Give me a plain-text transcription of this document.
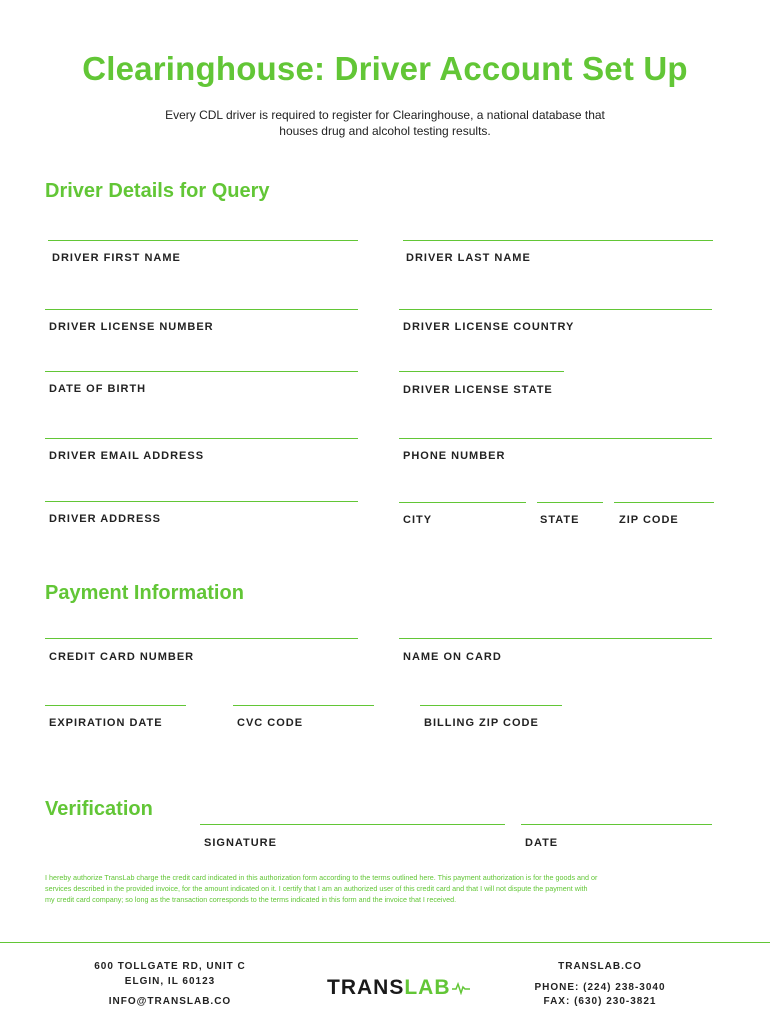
Clearinghouse: Driver Account Set Up
Every CDL driver is required to register for Clearinghouse, a national database that
houses drug and alcohol testing results.
Driver Details for Query
DRIVER FIRST NAME	DRIVER LAST NAME
DRIVER LICENSE NUMBER	DRIVER LICENSE COUNTRY
DATE OF BIRTH	DRIVER LICENSE STATE
DRIVER EMAIL ADDRESS	PHONE NUMBER
DRIVER ADDRESS	CITY	STATE	ZIP CODE
Payment Information
CREDIT CARD NUMBER	NAME ON CARD
EXPIRATION DATE	CVC CODE	BILLING ZIP CODE
Verification
SIGNATURE	DATE
I hereby authorize TransLab charge the credit card indicated in this authorization form according to the terms outlined here. This payment authorization is for the goods and or
services described in the provided invoice, for the amount indicated on it. I certify that I am an authorized user of this credit card and that I will not dispute the payment with
my credit card company; so long as the transaction corresponds to the terms indicated in this form and the invoice that I received.
600 TOLLGATE RD, UNIT C
ELGIN, IL 60123
INFO@TRANSLAB.CO
TRANSLAB
TRANSLAB.CO
PHONE: (224) 238-3040
FAX: (630) 230-3821
